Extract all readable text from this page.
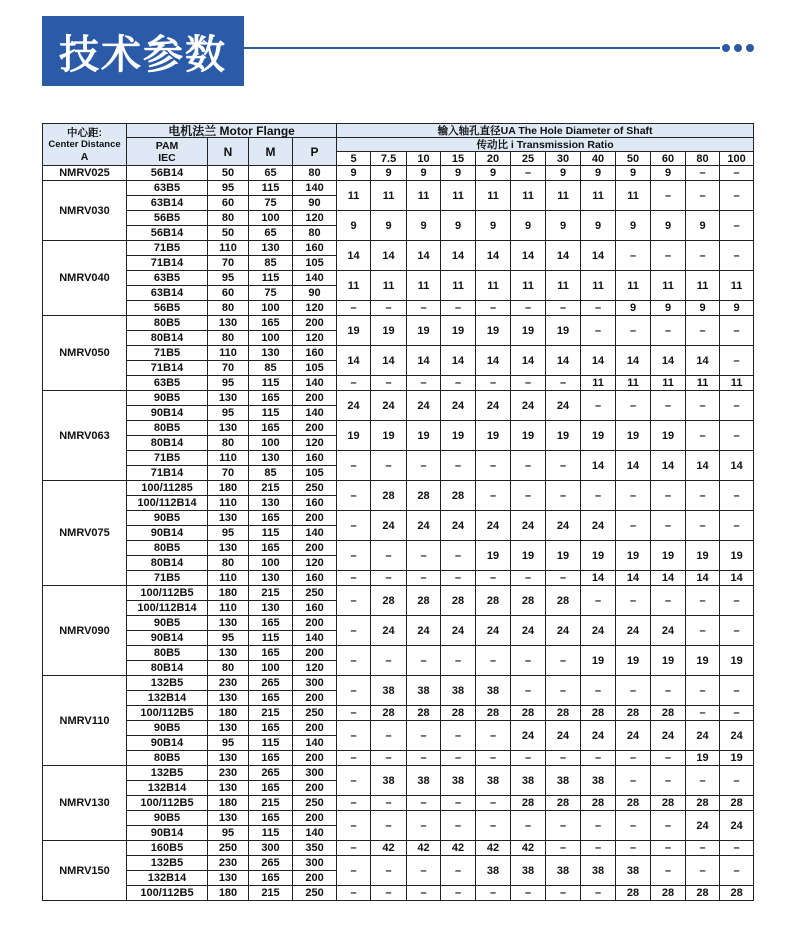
技术参数
中心距:
Center Distance
A	电机法兰 Motor Flange				输入轴孔直径UA The Hole Diameter of Shaft											

	PAM
IEC	N	M	P	传动比 i Transmission Ratio											
					5	7.5	10	15	20	25	30	40	50	60	80	100
NMRV025	56B14	50	65	80	9	9	9	9	9	–	9	9	9	9	–	–
NMRV030	63B5	95	115	140	11	11	11	11	11	11	11	11	11	–	–	–
	63B14	60	75	90												
	56B5	80	100	120	9	9	9	9	9	9	9	9	9	9	9	–
	56B14	50	65	80												
NMRV040	71B5	110	130	160	14	14	14	14	14	14	14	14	–	–	–	–
	71B14	70	85	105												
	63B5	95	115	140	11	11	11	11	11	11	11	11	11	11	11	11
	63B14	60	75	90												
	56B5	80	100	120	–	–	–	–	–	–	–	–	9	9	9	9
NMRV050	80B5	130	165	200	19	19	19	19	19	19	19	–	–	–	–	–
	80B14	80	100	120												
	71B5	110	130	160	14	14	14	14	14	14	14	14	14	14	14	–
	71B14	70	85	105												
	63B5	95	115	140	–	–	–	–	–	–	–	11	11	11	11	11
NMRV063	90B5	130	165	200	24	24	24	24	24	24	24	–	–	–	–	–
	90B14	95	115	140												
	80B5	130	165	200	19	19	19	19	19	19	19	19	19	19	–	–
	80B14	80	100	120												
	71B5	110	130	160	–	–	–	–	–	–	–	14	14	14	14	14
	71B14	70	85	105												
NMRV075	100/11285	180	215	250	–	28	28	28	–	–	–	–	–	–	–	–
	100/112B14	110	130	160												
	90B5	130	165	200	–	24	24	24	24	24	24	24	–	–	–	–
	90B14	95	115	140												
	80B5	130	165	200	–	–	–	–	19	19	19	19	19	19	19	19
	80B14	80	100	120												
	71B5	110	130	160	–	–	–	–	–	–	–	14	14	14	14	14
NMRV090	100/112B5	180	215	250	–	28	28	28	28	28	28	–	–	–	–	–
	100/112B14	110	130	160												
	90B5	130	165	200	–	24	24	24	24	24	24	24	24	24	–	–
	90B14	95	115	140												
	80B5	130	165	200	–	–	–	–	–	–	–	19	19	19	19	19
	80B14	80	100	120												
NMRV110	132B5	230	265	300	–	38	38	38	38	–	–	–	–	–	–	–
	132B14	130	165	200												
	100/112B5	180	215	250	–	28	28	28	28	28	28	28	28	28	–	–
	90B5	130	165	200	–	–	–	–	–	24	24	24	24	24	24	24
	90B14	95	115	140												
	80B5	130	165	200	–	–	–	–	–	–	–	–	–	–	19	19
NMRV130	132B5	230	265	300	–	38	38	38	38	38	38	38	–	–	–	–
	132B14	130	165	200												
	100/112B5	180	215	250	–	–	–	–	–	28	28	28	28	28	28	28
	90B5	130	165	200	–	–	–	–	–	–	–	–	–	–	24	24
	90B14	95	115	140												
NMRV150	160B5	250	300	350	–	42	42	42	42	42	–	–	–	–	–	–
	132B5	230	265	300	–	–	–	–	38	38	38	38	38	–	–	–
	132B14	130	165	200												
	100/112B5	180	215	250	–	–	–	–	–	–	–	–	28	28	28	28
